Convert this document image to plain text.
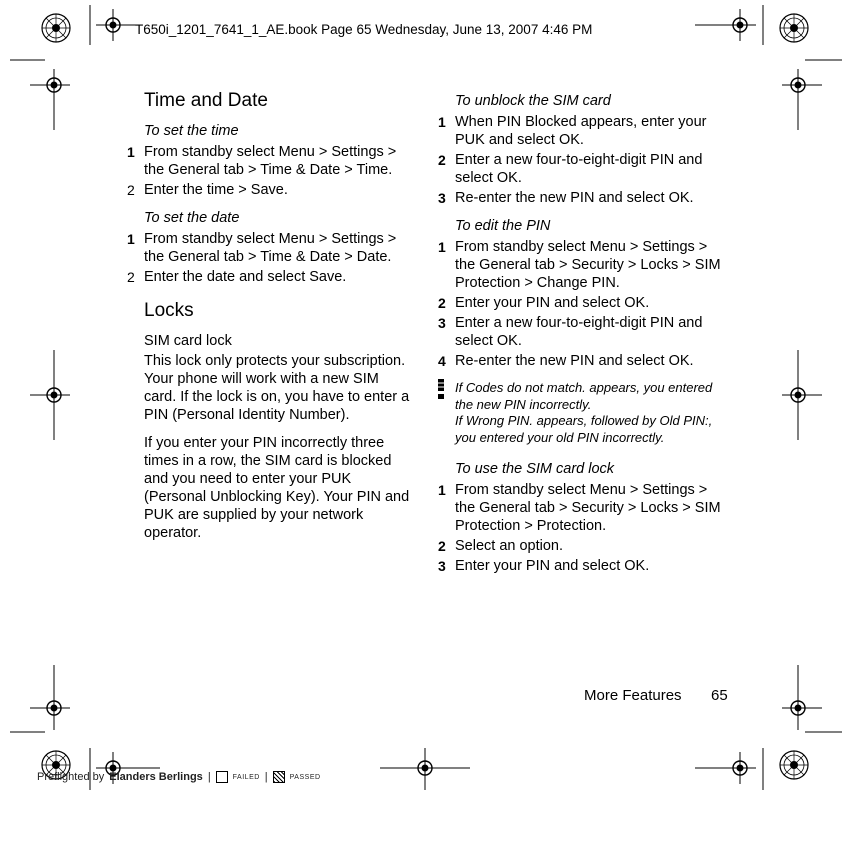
T650i_1201_7641_1_AE.book Page 65 Wednesday, June 13, 2007 4:46 PM
Time and Date
To set the time
1 From standby select Menu > Settings > the General tab > Time & Date > Time.
2 Enter the time > Save.
To set the date
1 From standby select Menu > Settings > the General tab > Time & Date > Date.
2 Enter the date and select Save.
Locks
SIM card lock

This lock only protects your subscription. Your phone will work with a new SIM card. If the lock is on, you have to enter a PIN (Personal Identity Number).

If you enter your PIN incorrectly three times in a row, the SIM card is blocked and you need to enter your PUK (Personal Unblocking Key). Your PIN and PUK are supplied by your network operator.

To unblock the SIM card
1 When PIN Blocked appears, enter your PUK and select OK.
2 Enter a new four-to-eight-digit PIN and select OK.
3 Re-enter the new PIN and select OK.
To edit the PIN
1 From standby select Menu > Settings > the General tab > Security > Locks > SIM Protection > Change PIN.
2 Enter your PIN and select OK.
3 Enter a new four-to-eight-digit PIN and select OK.
4 Re-enter the new PIN and select OK.
If Codes do not match. appears, you entered the new PIN incorrectly.
If Wrong PIN. appears, followed by Old PIN:, you entered your old PIN incorrectly.
To use the SIM card lock
1 From standby select Menu > Settings > the General tab > Security > Locks > SIM Protection > Protection.
2 Select an option.
3 Enter your PIN and select OK.
More Features 65
Preflighted by Elanders Berlings |	FAILED |	PASSED
